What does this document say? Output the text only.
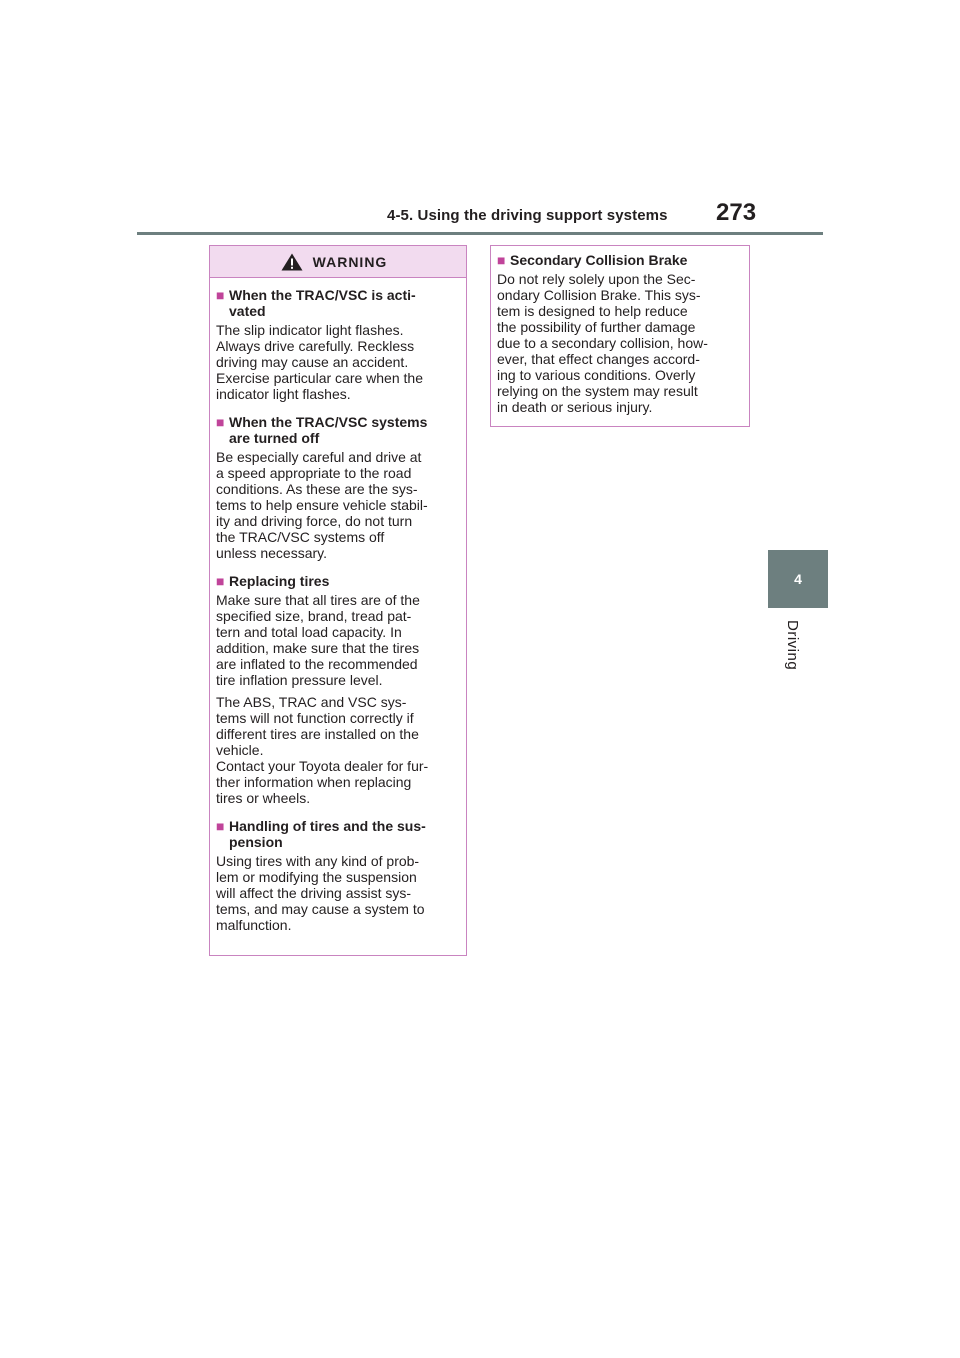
4-5. Using the driving support systems 273
4
Driving
WARNING
■ When the TRAC/VSC is acti-
vated

The slip indicator light flashes.
Always drive carefully. Reckless
driving may cause an accident.
Exercise particular care when the
indicator light flashes.

■ When the TRAC/VSC systems
are turned off

Be especially careful and drive at
a speed appropriate to the road
conditions. As these are the sys-
tems to help ensure vehicle stabil-
ity and driving force, do not turn
the TRAC/VSC systems off
unless necessary.

■ Replacing tires

Make sure that all tires are of the
specified size, brand, tread pat-
tern and total load capacity. In
addition, make sure that the tires
are inflated to the recommended
tire inflation pressure level.

The ABS, TRAC and VSC sys-
tems will not function correctly if
different tires are installed on the
vehicle.
Contact your Toyota dealer for fur-
ther information when replacing
tires or wheels.

■ Handling of tires and the sus-
pension

Using tires with any kind of prob-
lem or modifying the suspension
will affect the driving assist sys-
tems, and may cause a system to
malfunction.

■ Secondary Collision Brake

Do not rely solely upon the Sec-
ondary Collision Brake. This sys-
tem is designed to help reduce
the possibility of further damage
due to a secondary collision, how-
ever, that effect changes accord-
ing to various conditions. Overly
relying on the system may result
in death or serious injury.
